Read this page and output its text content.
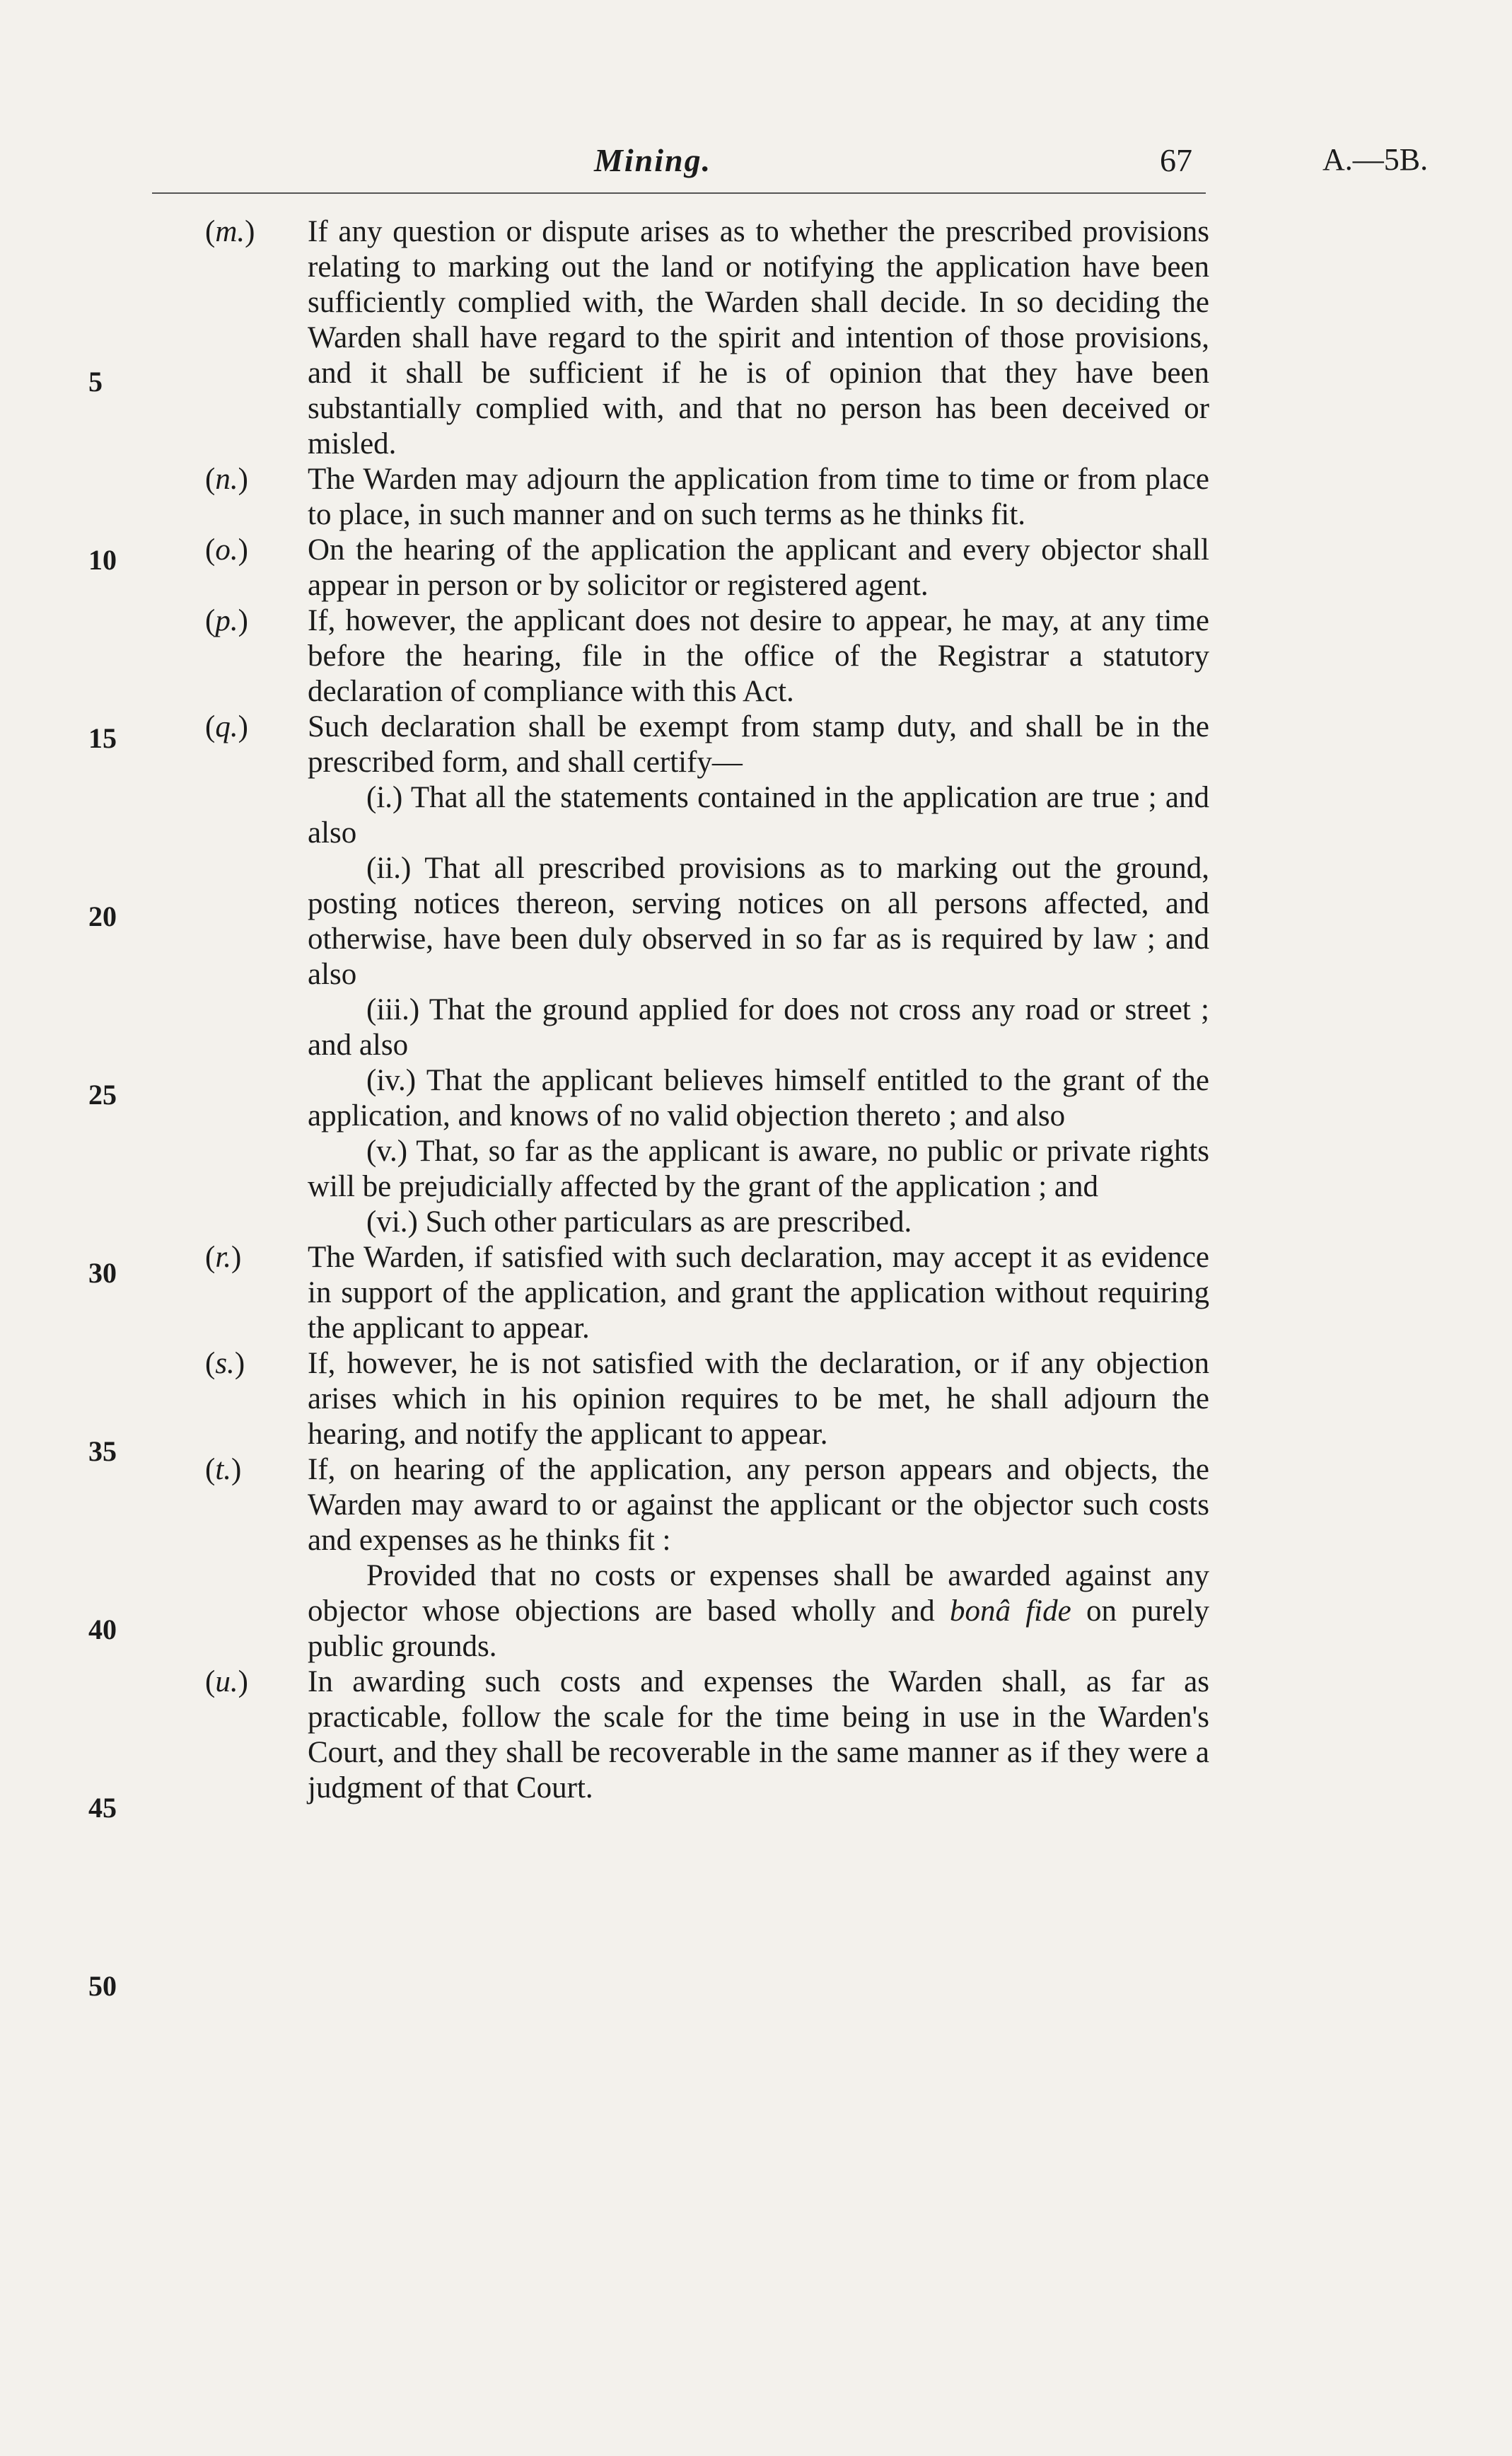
Mining.	67	A.—5B.
5
10
15
20
25
30
35
40
45
50
(m.) If any question or dispute arises as to whether the prescribed provisions relating to marking out the land or notifying the application have been sufficiently complied with, the Warden shall decide. In so deciding the Warden shall have regard to the spirit and intention of those provisions, and it shall be sufficient if he is of opinion that they have been substantially complied with, and that no person has been deceived or misled.
(n.) The Warden may adjourn the application from time to time or from place to place, in such manner and on such terms as he thinks fit.
(o.) On the hearing of the application the applicant and every objector shall appear in person or by solicitor or registered agent.
(p.) If, however, the applicant does not desire to appear, he may, at any time before the hearing, file in the office of the Registrar a statutory declaration of compliance with this Act.
(q.) Such declaration shall be exempt from stamp duty, and shall be in the prescribed form, and shall certify—
(i.) That all the statements contained in the application are true ; and also
(ii.) That all prescribed provisions as to marking out the ground, posting notices thereon, serving notices on all persons affected, and otherwise, have been duly observed in so far as is required by law ; and also
(iii.) That the ground applied for does not cross any road or street ; and also
(iv.) That the applicant believes himself entitled to the grant of the application, and knows of no valid objection thereto ; and also
(v.) That, so far as the applicant is aware, no public or private rights will be prejudicially affected by the grant of the application ; and
(vi.) Such other particulars as are prescribed.
(r.) The Warden, if satisfied with such declaration, may accept it as evidence in support of the application, and grant the application without requiring the applicant to appear.
(s.) If, however, he is not satisfied with the declaration, or if any objection arises which in his opinion requires to be met, he shall adjourn the hearing, and notify the applicant to appear.
(t.) If, on hearing of the application, any person appears and objects, the Warden may award to or against the applicant or the objector such costs and expenses as he thinks fit :
Provided that no costs or expenses shall be awarded against any objector whose objections are based wholly and bonâ fide on purely public grounds.
(u.) In awarding such costs and expenses the Warden shall, as far as practicable, follow the scale for the time being in use in the Warden's Court, and they shall be recoverable in the same manner as if they were a judgment of that Court.
